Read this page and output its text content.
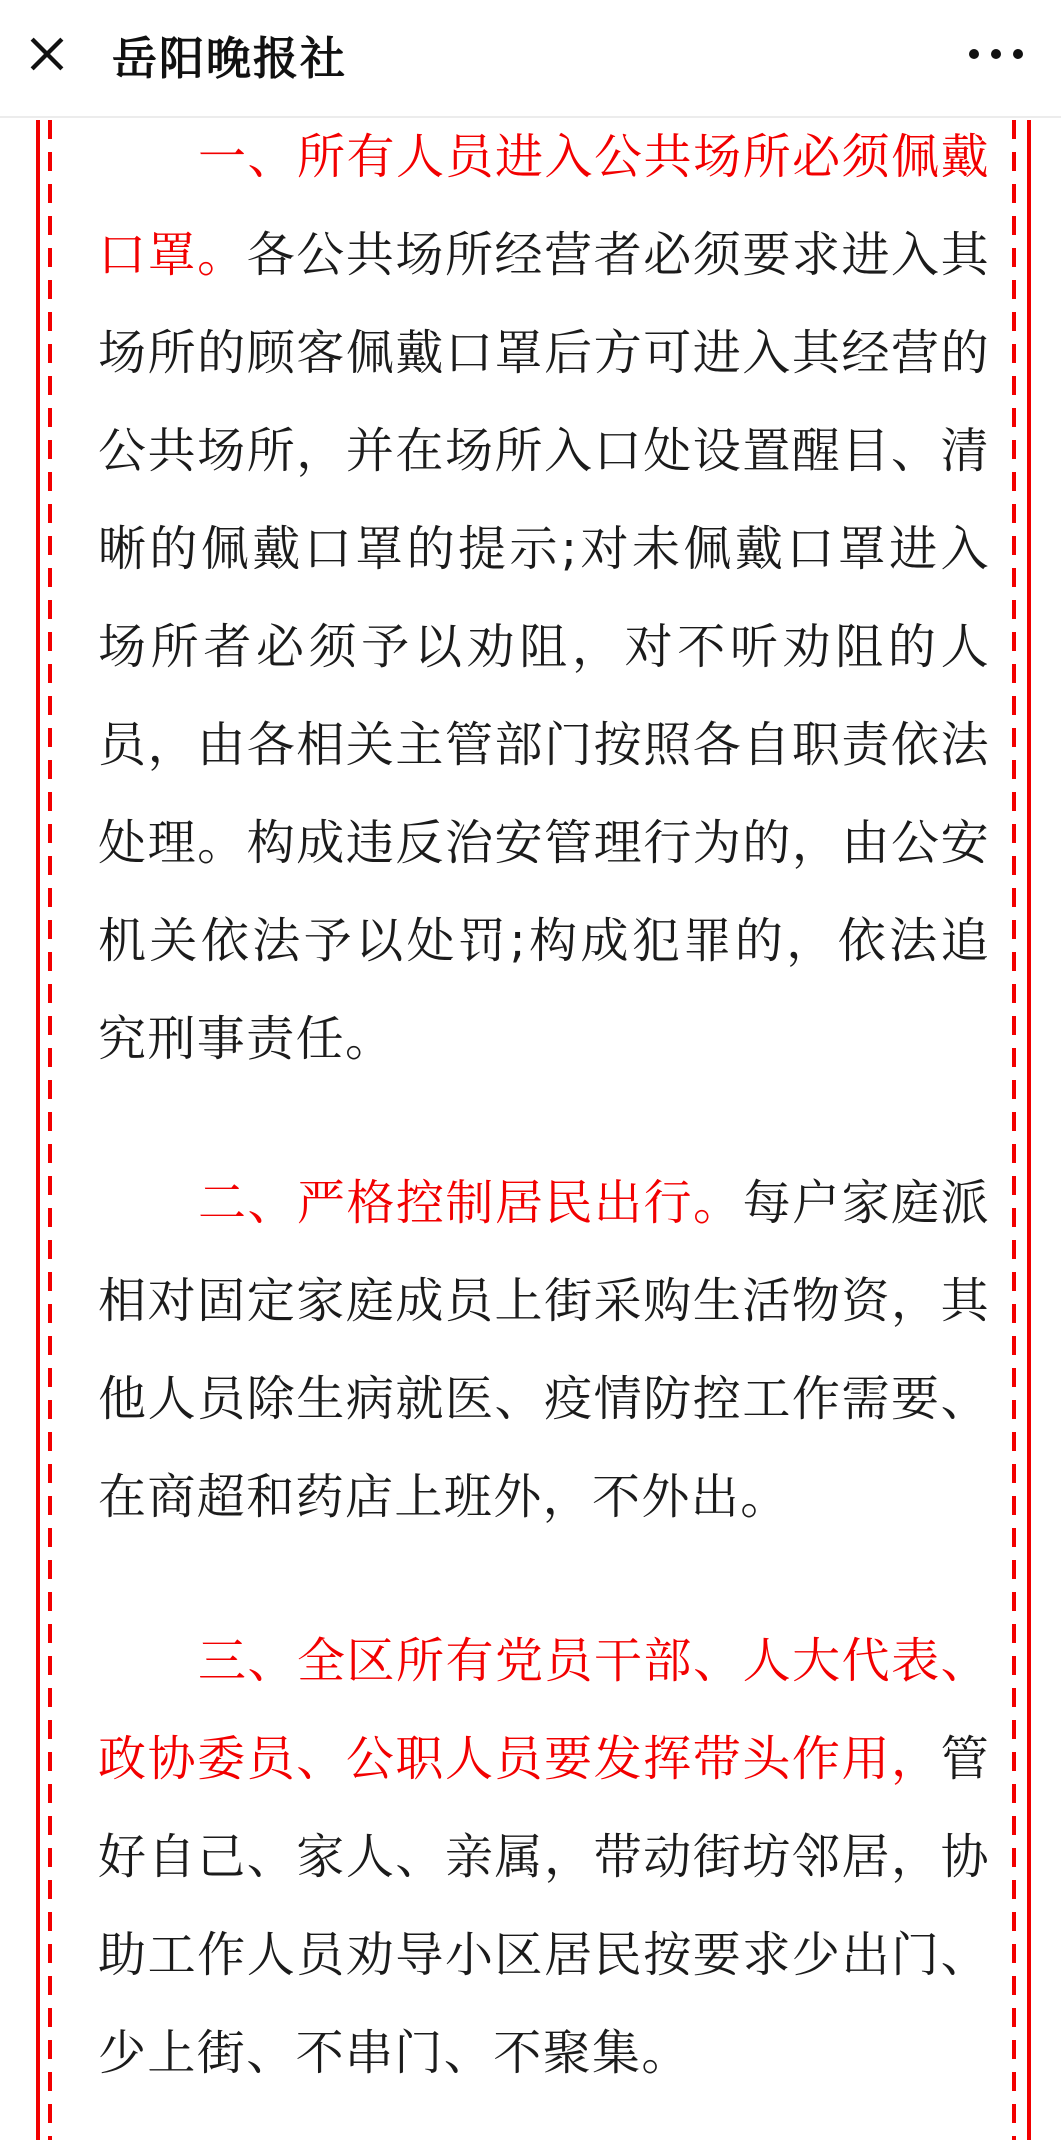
岳阳晚报社

一、所有人员进入公共场所必须佩戴口罩。各公共场所经营者必须要求进入其场所的顾客佩戴口罩后方可进入其经营的公共场所，并在场所入口处设置醒目、清晰的佩戴口罩的提示;对未佩戴口罩进入场所者必须予以劝阻，对不听劝阻的人员，由各相关主管部门按照各自职责依法处理。构成违反治安管理行为的，由公安机关依法予以处罚;构成犯罪的，依法追究刑事责任。

二、严格控制居民出行。每户家庭派相对固定家庭成员上街采购生活物资，其他人员除生病就医、疫情防控工作需要、在商超和药店上班外，不外出。

三、全区所有党员干部、人大代表、政协委员、公职人员要发挥带头作用，管好自己、家人、亲属，带动街坊邻居，协助工作人员劝导小区居民按要求少出门、少上街、不串门、不聚集。
